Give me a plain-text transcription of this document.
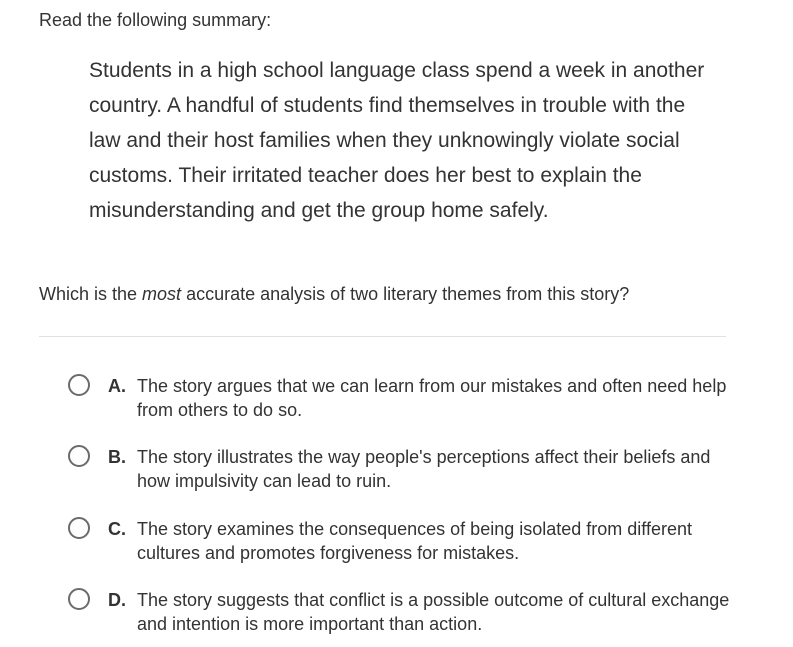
Read the following summary:
Students in a high school language class spend a week in another country. A handful of students find themselves in trouble with the law and their host families when they unknowingly violate social customs. Their irritated teacher does her best to explain the misunderstanding and get the group home safely.
Which is the most accurate analysis of two literary themes from this story?
A. The story argues that we can learn from our mistakes and often need help from others to do so.
B. The story illustrates the way people's perceptions affect their beliefs and how impulsivity can lead to ruin.
C. The story examines the consequences of being isolated from different cultures and promotes forgiveness for mistakes.
D. The story suggests that conflict is a possible outcome of cultural exchange and intention is more important than action.
